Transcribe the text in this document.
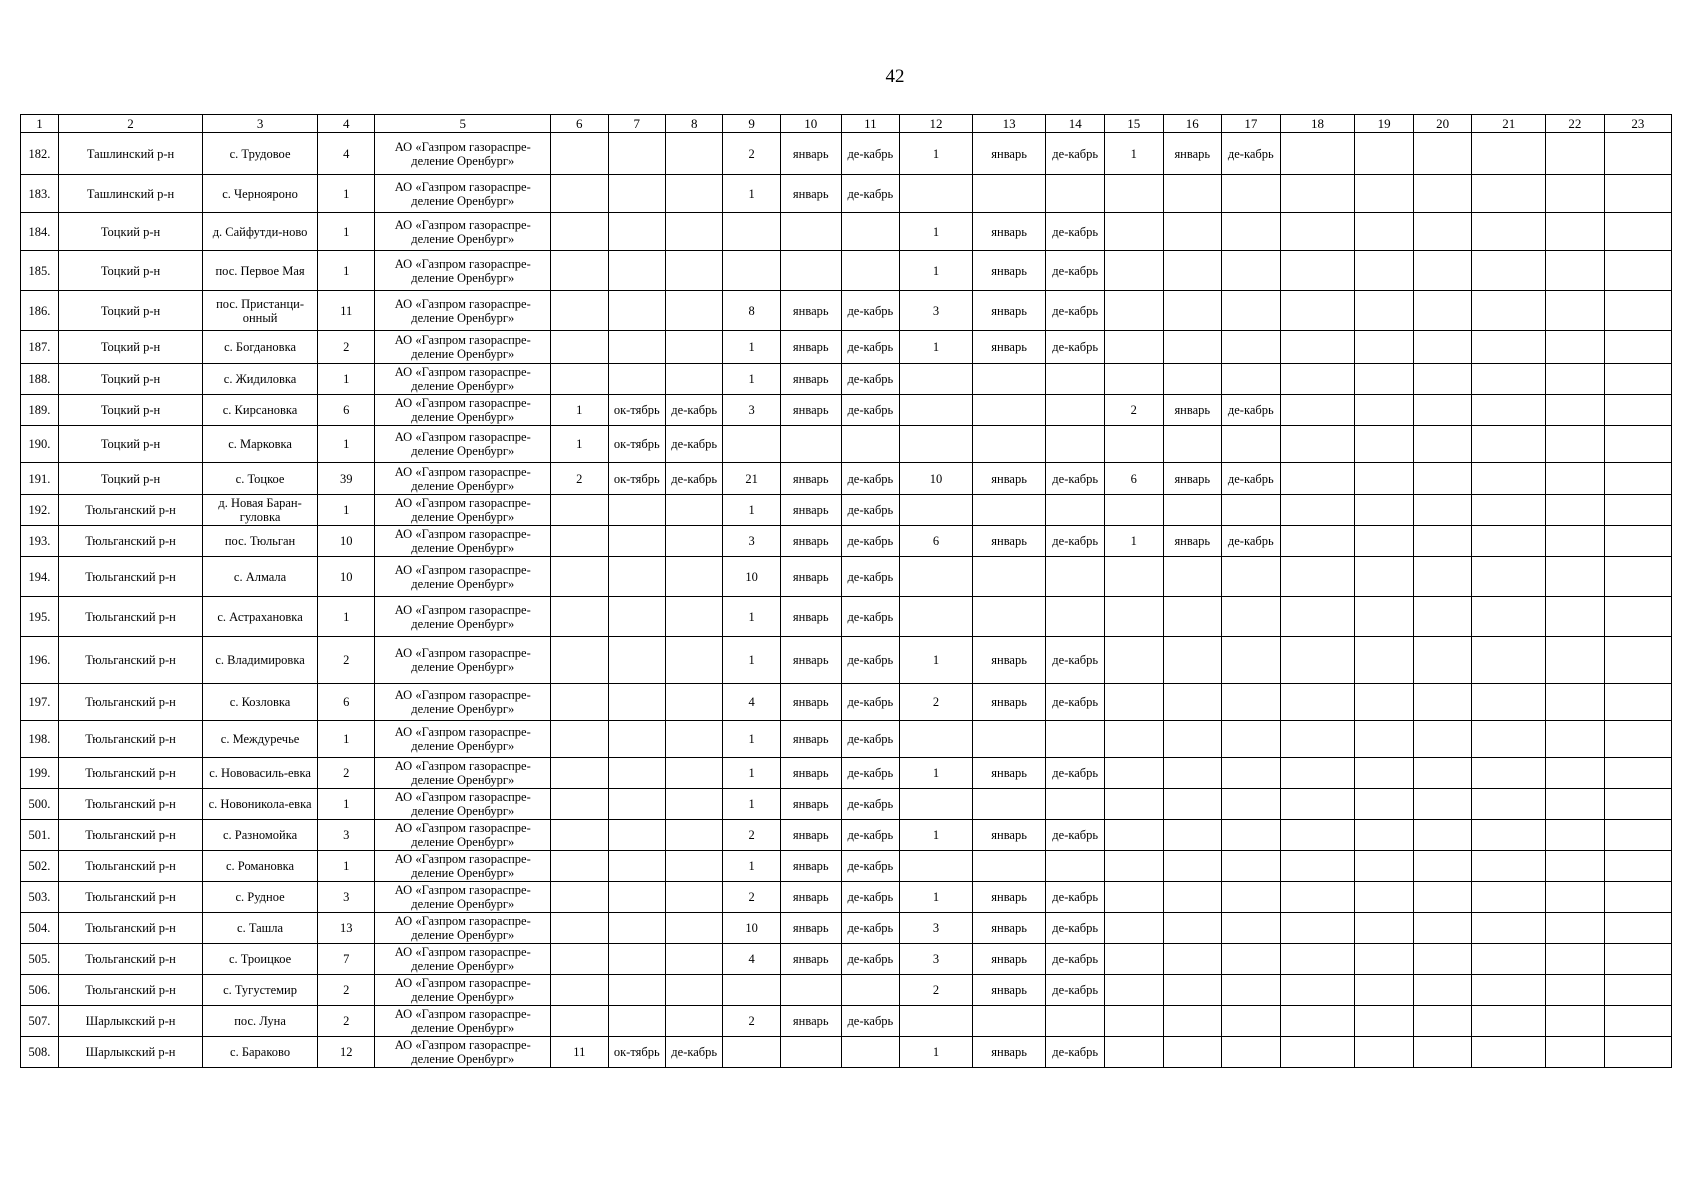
42
1	2	3	4	5	6	7	8	9	10	11	12	13	14	15	16	17	18	19	20	21	22	23
182.	Ташлинский р-н	с. Трудовое	4	АО «Газпром газораспре-деление Оренбург»				2	январь	де-кабрь	1	январь	де-кабрь	1	январь	де-кабрь						
183.	Ташлинский р-н	с. Чернояроно	1	АО «Газпром газораспре-деление Оренбург»				1	январь	де-кабрь												
184.	Тоцкий р-н	д. Сайфутди-ново	1	АО «Газпром газораспре-деление Оренбург»							1	январь	де-кабрь									
185.	Тоцкий р-н	пос. Первое Мая	1	АО «Газпром газораспре-деление Оренбург»							1	январь	де-кабрь									
186.	Тоцкий р-н	пос. Пристанци-онный	11	АО «Газпром газораспре-деление Оренбург»				8	январь	де-кабрь	3	январь	де-кабрь									
187.	Тоцкий р-н	с. Богдановка	2	АО «Газпром газораспре-деление Оренбург»				1	январь	де-кабрь	1	январь	де-кабрь									
188.	Тоцкий р-н	с. Жидиловка	1	АО «Газпром газораспре-деление Оренбург»				1	январь	де-кабрь												
189.	Тоцкий р-н	с. Кирсановка	6	АО «Газпром газораспре-деление Оренбург»	1	ок-тябрь	де-кабрь	3	январь	де-кабрь				2	январь	де-кабрь						
190.	Тоцкий р-н	с. Марковка	1	АО «Газпром газораспре-деление Оренбург»	1	ок-тябрь	де-кабрь															
191.	Тоцкий р-н	с. Тоцкое	39	АО «Газпром газораспре-деление Оренбург»	2	ок-тябрь	де-кабрь	21	январь	де-кабрь	10	январь	де-кабрь	6	январь	де-кабрь						
192.	Тюльганский р-н	д. Новая Баран-гуловка	1	АО «Газпром газораспре-деление Оренбург»				1	январь	де-кабрь												
193.	Тюльганский р-н	пос. Тюльган	10	АО «Газпром газораспре-деление Оренбург»				3	январь	де-кабрь	6	январь	де-кабрь	1	январь	де-кабрь						
194.	Тюльганский р-н	с. Алмала	10	АО «Газпром газораспре-деление Оренбург»				10	январь	де-кабрь												
195.	Тюльганский р-н	с. Астрахановка	1	АО «Газпром газораспре-деление Оренбург»				1	январь	де-кабрь												
196.	Тюльганский р-н	с. Владимировка	2	АО «Газпром газораспре-деление Оренбург»				1	январь	де-кабрь	1	январь	де-кабрь									
197.	Тюльганский р-н	с. Козловка	6	АО «Газпром газораспре-деление Оренбург»				4	январь	де-кабрь	2	январь	де-кабрь									
198.	Тюльганский р-н	с. Междуречье	1	АО «Газпром газораспре-деление Оренбург»				1	январь	де-кабрь												
199.	Тюльганский р-н	с. Нововасиль-евка	2	АО «Газпром газораспре-деление Оренбург»				1	январь	де-кабрь	1	январь	де-кабрь									
500.	Тюльганский р-н	с. Новоникола-евка	1	АО «Газпром газораспре-деление Оренбург»				1	январь	де-кабрь												
501.	Тюльганский р-н	с. Разномойка	3	АО «Газпром газораспре-деление Оренбург»				2	январь	де-кабрь	1	январь	де-кабрь									
502.	Тюльганский р-н	с. Романовка	1	АО «Газпром газораспре-деление Оренбург»				1	январь	де-кабрь												
503.	Тюльганский р-н	с. Рудное	3	АО «Газпром газораспре-деление Оренбург»				2	январь	де-кабрь	1	январь	де-кабрь									
504.	Тюльганский р-н	с. Ташла	13	АО «Газпром газораспре-деление Оренбург»				10	январь	де-кабрь	3	январь	де-кабрь									
505.	Тюльганский р-н	с. Троицкое	7	АО «Газпром газораспре-деление Оренбург»				4	январь	де-кабрь	3	январь	де-кабрь									
506.	Тюльганский р-н	с. Тугустемир	2	АО «Газпром газораспре-деление Оренбург»							2	январь	де-кабрь									
507.	Шарлыкский р-н	пос. Луна	2	АО «Газпром газораспре-деление Оренбург»				2	январь	де-кабрь												
508.	Шарлыкский р-н	с. Бараково	12	АО «Газпром газораспре-деление Оренбург»	11	ок-тябрь	де-кабрь				1	январь	де-кабрь									
